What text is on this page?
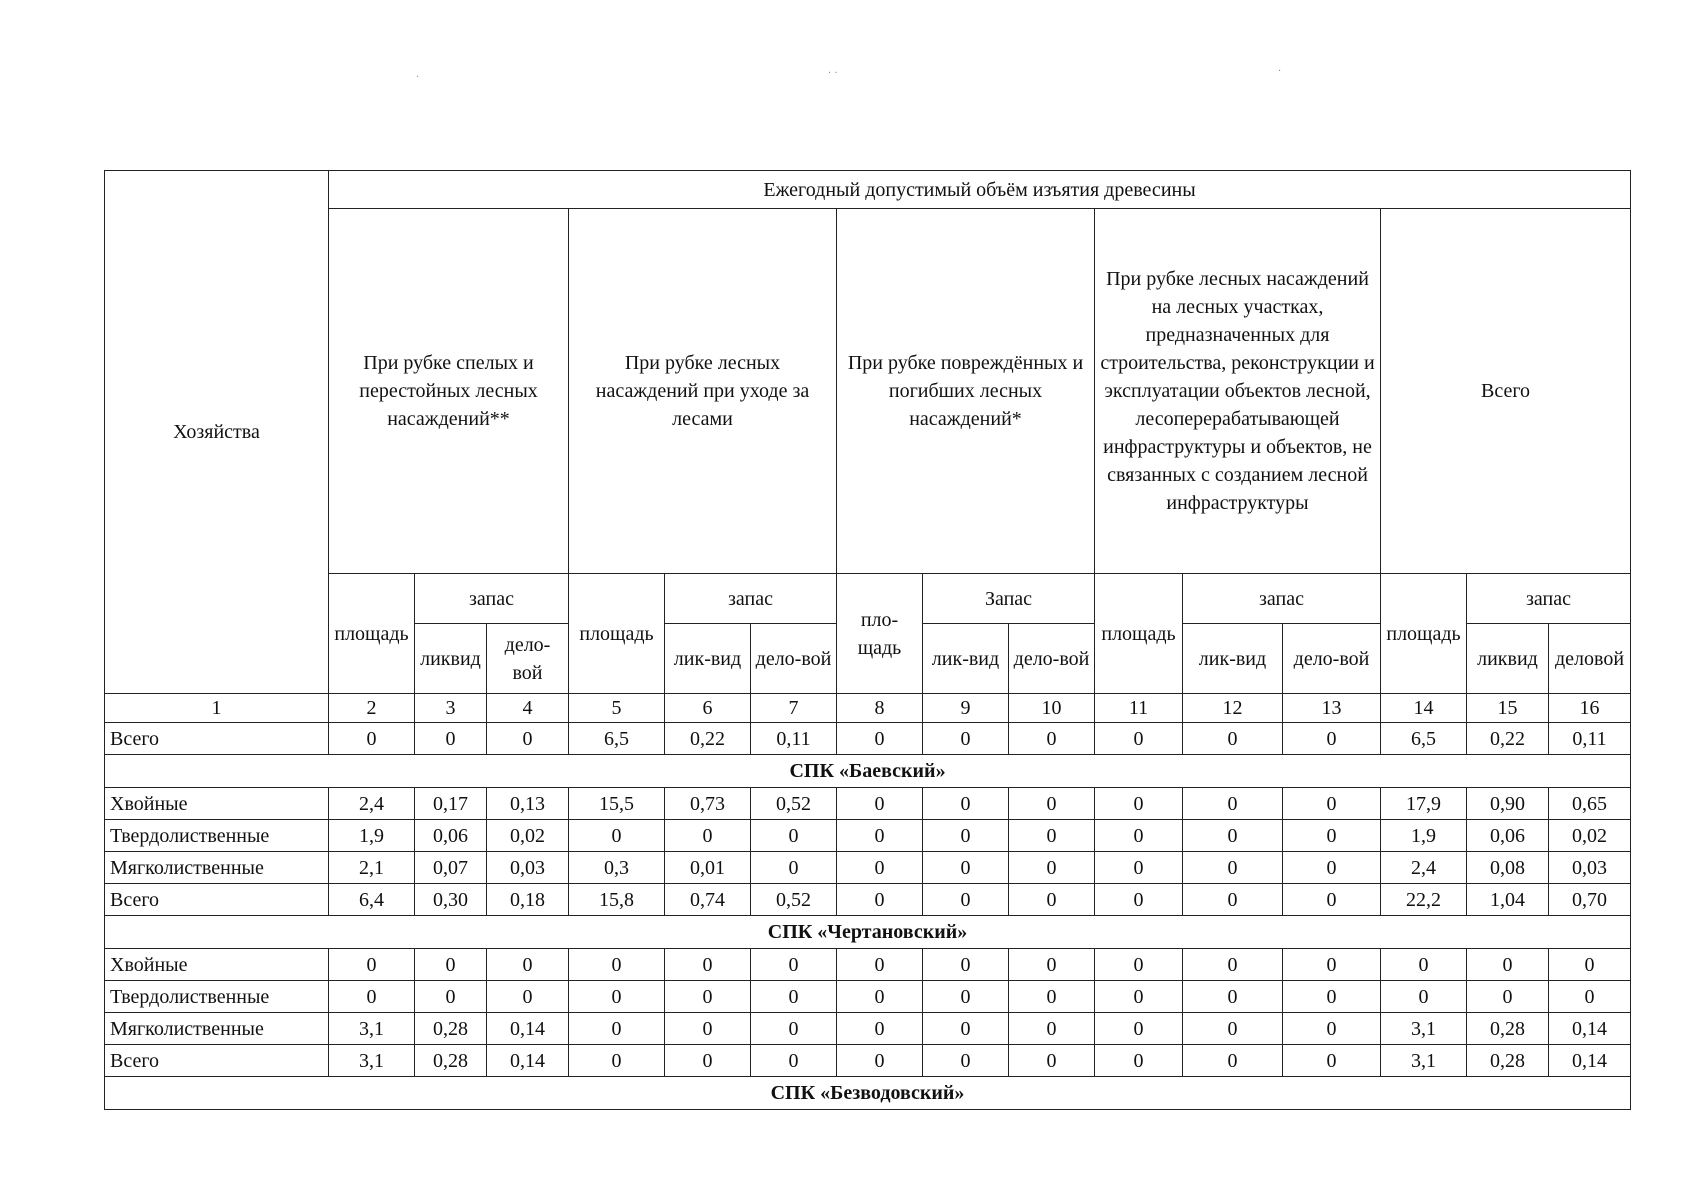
·	· ·	·
Хозяйства	Ежегодный допустимый объём изъятия древесины														
	При рубке спелых и перестойных лесных насаждений**			При рубке лесных насаждений при уходе за лесами			При рубке повреждённых и погибших лесных насаждений*			При рубке лесных насаждений на лесных участках, предназначенных для строительства, реконструкции и эксплуатации объектов лесной, лесоперерабатывающей инфраструктуры и объектов, не связанных с созданием лесной инфраструктуры			Всего		
	площадь	запас		площадь	запас		пло-щадь	Запас		площадь	запас		площадь	запас	
		ликвид	дело-вой		лик-вид	дело-вой		лик-вид	дело-вой		лик-вид	дело-вой		ликвид	деловой
1	2	3	4	5	6	7	8	9	10	11	12	13	14	15	16
Всего	0	0	0	6,5	0,22	0,11	0	0	0	0	0	0	6,5	0,22	0,11
СПК «Баевский»															
Хвойные	2,4	0,17	0,13	15,5	0,73	0,52	0	0	0	0	0	0	17,9	0,90	0,65
Твердолиственные	1,9	0,06	0,02	0	0	0	0	0	0	0	0	0	1,9	0,06	0,02
Мягколиственные	2,1	0,07	0,03	0,3	0,01	0	0	0	0	0	0	0	2,4	0,08	0,03
Всего	6,4	0,30	0,18	15,8	0,74	0,52	0	0	0	0	0	0	22,2	1,04	0,70
СПК «Чертановский»															
Хвойные	0	0	0	0	0	0	0	0	0	0	0	0	0	0	0
Твердолиственные	0	0	0	0	0	0	0	0	0	0	0	0	0	0	0
Мягколиственные	3,1	0,28	0,14	0	0	0	0	0	0	0	0	0	3,1	0,28	0,14
Всего	3,1	0,28	0,14	0	0	0	0	0	0	0	0	0	3,1	0,28	0,14
СПК «Безводовский»															
